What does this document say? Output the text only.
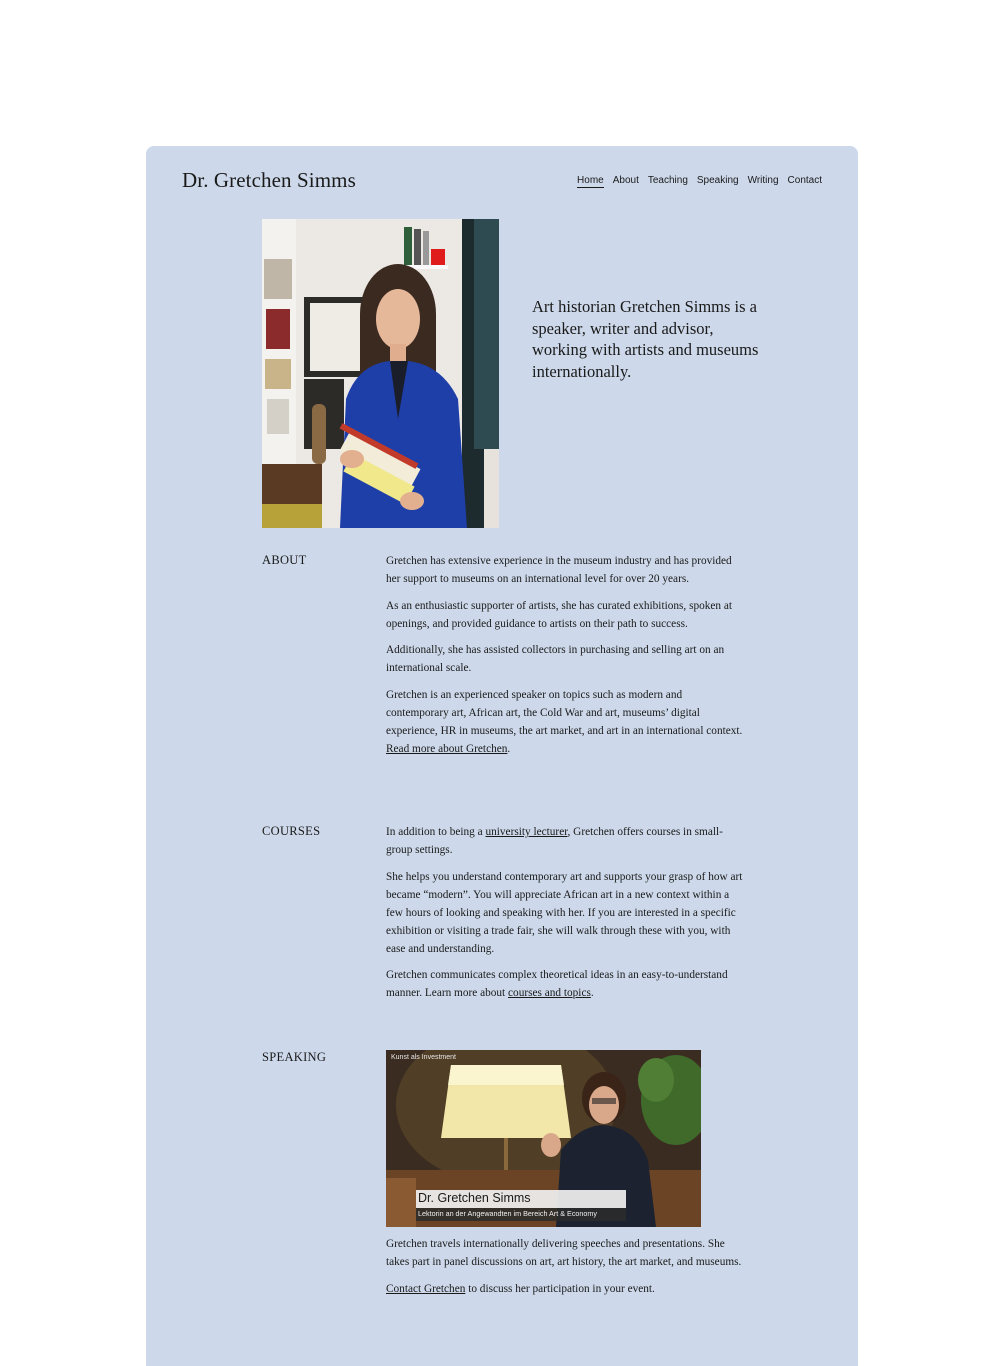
Dr. Gretchen Simms	Home About Teaching Speaking Writing Contact
Art historian Gretchen Simms is a speaker, writer and advisor, working with artists and museums internationally.
ABOUT	Gretchen has extensive experience in the museum industry and has provided her support to museums on an international level for over 20 years.

As an enthusiastic supporter of artists, she has curated exhibitions, spoken at openings, and provided guidance to artists on their path to success.

Additionally, she has assisted collectors in purchasing and selling art on an international scale.

Gretchen is an experienced speaker on topics such as modern and contemporary art, African art, the Cold War and art, museums’ digital experience, HR in museums, the art market, and art in an international context. Read more about Gretchen.

COURSES	In addition to being a university lecturer, Gretchen offers courses in small-group settings.

She helps you understand contemporary art and supports your grasp of how art became “modern”. You will appreciate African art in a new context within a few hours of looking and speaking with her. If you are interested in a specific exhibition or visiting a trade fair, she will walk through these with you, with ease and understanding.

Gretchen communicates complex theoretical ideas in an easy-to-understand manner. Learn more about courses and topics.

SPEAKING	Kunst als Investment
Dr. Gretchen Simms
Lektorin an der Angewandten im Bereich Art & Economy

Gretchen travels internationally delivering speeches and presentations. She takes part in panel discussions on art, art history, the art market, and museums.

Contact Gretchen to discuss her participation in your event.
